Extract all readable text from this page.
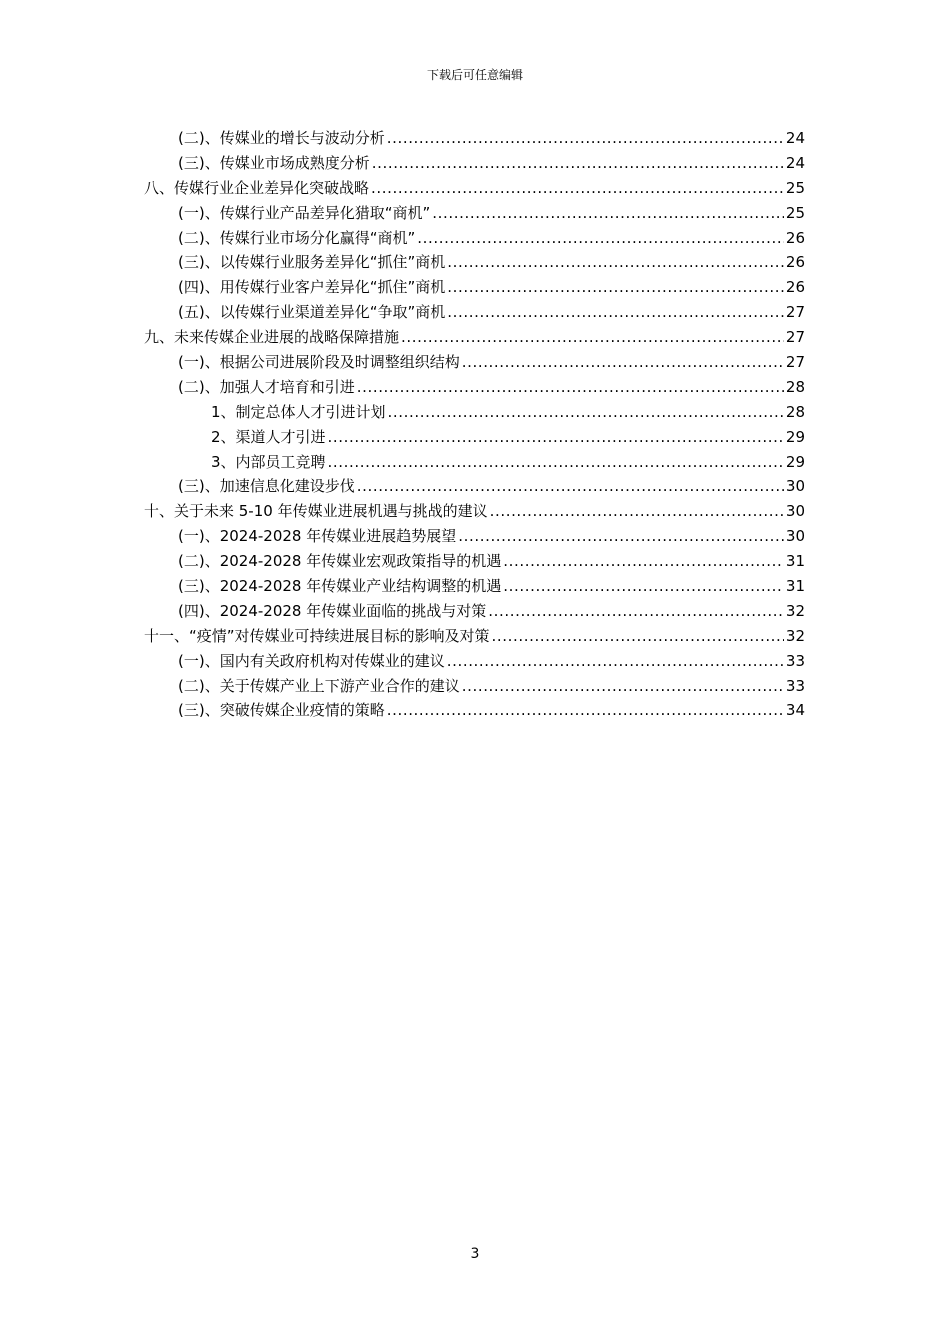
下载后可任意编辑
(二)、传媒业的增长与波动分析 .....	24
(三)、传媒业市场成熟度分析 .....	24
八、传媒行业企业差异化突破战略 .....	25
(一)、传媒行业产品差异化猎取“商机” .....	25
(二)、传媒行业市场分化赢得“商机” .....	26
(三)、以传媒行业服务差异化“抓住”商机 .....	26
(四)、用传媒行业客户差异化“抓住”商机 .....	26
(五)、以传媒行业渠道差异化“争取”商机 .....	27
九、未来传媒企业进展的战略保障措施 .....	27
(一)、根据公司进展阶段及时调整组织结构 .....	27
(二)、加强人才培育和引进 .....	28
1、制定总体人才引进计划 .....	28
2、渠道人才引进 .....	29
3、内部员工竞聘 .....	29
(三)、加速信息化建设步伐 .....	30
十、关于未来 5-10 年传媒业进展机遇与挑战的建议 .....	30
(一)、2024-2028 年传媒业进展趋势展望 .....	30
(二)、2024-2028 年传媒业宏观政策指导的机遇 .....	31
(三)、2024-2028 年传媒业产业结构调整的机遇 .....	31
(四)、2024-2028 年传媒业面临的挑战与对策 .....	32
十一、“疫情”对传媒业可持续进展目标的影响及对策 .....	32
(一)、国内有关政府机构对传媒业的建议 .....	33
(二)、关于传媒产业上下游产业合作的建议 .....	33
(三)、突破传媒企业疫情的策略 .....	34
3
